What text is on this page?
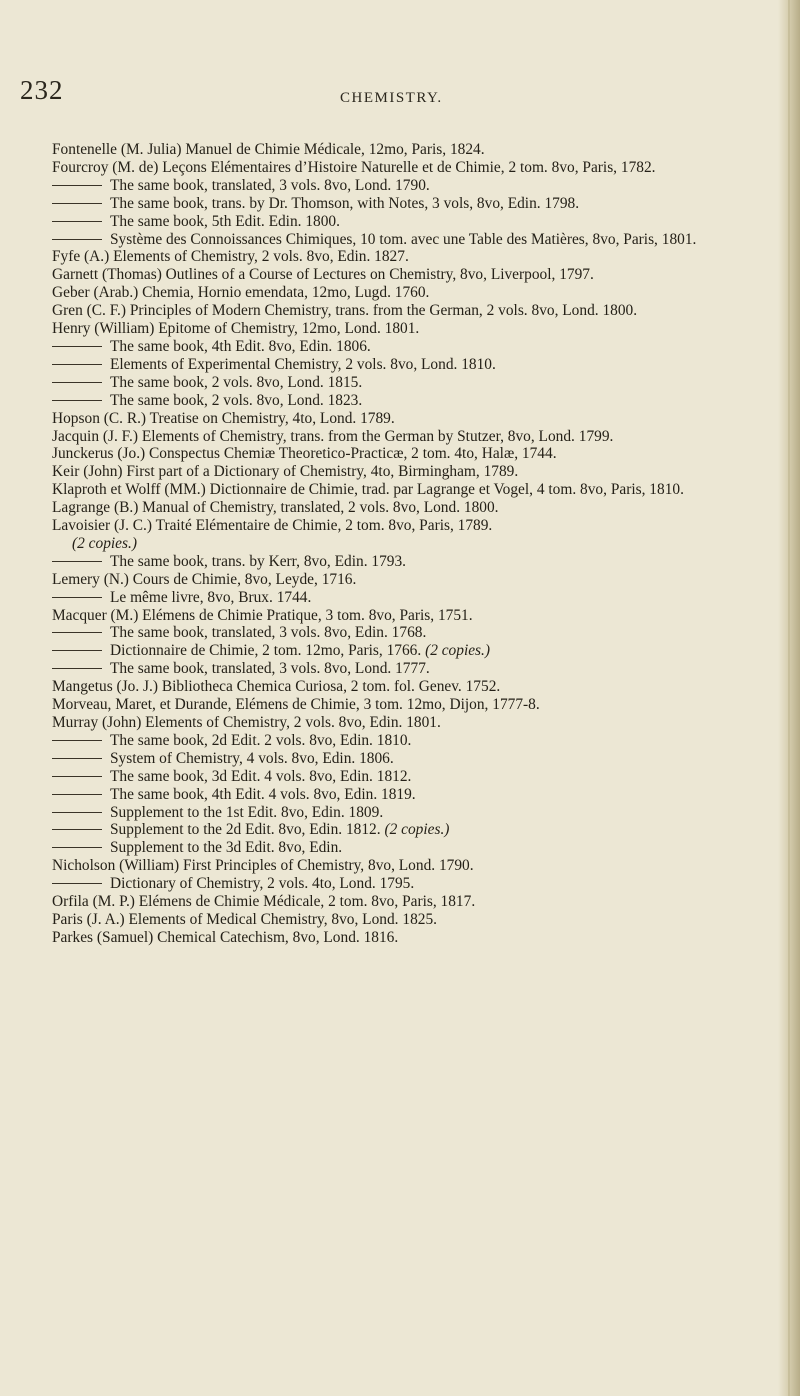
232	CHEMISTRY.

Fontenelle (M. Julia) Manuel de Chimie Médicale, 12mo, Paris, 1824.

Fourcroy (M. de) Leçons Elémentaires d’Histoire Naturelle et de Chimie, 2 tom. 8vo, Paris, 1782.

The same book, translated, 3 vols. 8vo, Lond. 1790.

The same book, trans. by Dr. Thomson, with Notes, 3 vols, 8vo, Edin. 1798.

The same book, 5th Edit. Edin. 1800.

Système des Connoissances Chimiques, 10 tom. avec une Table des Matières, 8vo, Paris, 1801.

Fyfe (A.) Elements of Chemistry, 2 vols. 8vo, Edin. 1827.

Garnett (Thomas) Outlines of a Course of Lectures on Chemistry, 8vo, Liverpool, 1797.

Geber (Arab.) Chemia, Hornio emendata, 12mo, Lugd. 1760.

Gren (C. F.) Principles of Modern Chemistry, trans. from the German, 2 vols. 8vo, Lond. 1800.

Henry (William) Epitome of Chemistry, 12mo, Lond. 1801.

The same book, 4th Edit. 8vo, Edin. 1806.

Elements of Experimental Chemistry, 2 vols. 8vo, Lond. 1810.

The same book, 2 vols. 8vo, Lond. 1815.

The same book, 2 vols. 8vo, Lond. 1823.

Hopson (C. R.) Treatise on Chemistry, 4to, Lond. 1789.

Jacquin (J. F.) Elements of Chemistry, trans. from the German by Stutzer, 8vo, Lond. 1799.

Junckerus (Jo.) Conspectus Chemiæ Theoretico-Practicæ, 2 tom. 4to, Halæ, 1744.

Keir (John) First part of a Dictionary of Chemistry, 4to, Birmingham, 1789.

Klaproth et Wolff (MM.) Dictionnaire de Chimie, trad. par Lagrange et Vogel, 4 tom. 8vo, Paris, 1810.

Lagrange (B.) Manual of Chemistry, translated, 2 vols. 8vo, Lond. 1800.

Lavoisier (J. C.) Traité Elémentaire de Chimie, 2 tom. 8vo, Paris, 1789.
(2 copies.)

The same book, trans. by Kerr, 8vo, Edin. 1793.

Lemery (N.) Cours de Chimie, 8vo, Leyde, 1716.

Le même livre, 8vo, Brux. 1744.

Macquer (M.) Elémens de Chimie Pratique, 3 tom. 8vo, Paris, 1751.

The same book, translated, 3 vols. 8vo, Edin. 1768.

Dictionnaire de Chimie, 2 tom. 12mo, Paris, 1766. (2 copies.)

The same book, translated, 3 vols. 8vo, Lond. 1777.

Mangetus (Jo. J.) Bibliotheca Chemica Curiosa, 2 tom. fol. Genev. 1752.

Morveau, Maret, et Durande, Elémens de Chimie, 3 tom. 12mo, Dijon, 1777-8.

Murray (John) Elements of Chemistry, 2 vols. 8vo, Edin. 1801.

The same book, 2d Edit. 2 vols. 8vo, Edin. 1810.

System of Chemistry, 4 vols. 8vo, Edin. 1806.

The same book, 3d Edit. 4 vols. 8vo, Edin. 1812.

The same book, 4th Edit. 4 vols. 8vo, Edin. 1819.

Supplement to the 1st Edit. 8vo, Edin. 1809.

Supplement to the 2d Edit. 8vo, Edin. 1812. (2 copies.)

Supplement to the 3d Edit. 8vo, Edin.

Nicholson (William) First Principles of Chemistry, 8vo, Lond. 1790.

Dictionary of Chemistry, 2 vols. 4to, Lond. 1795.

Orfila (M. P.) Elémens de Chimie Médicale, 2 tom. 8vo, Paris, 1817.

Paris (J. A.) Elements of Medical Chemistry, 8vo, Lond. 1825.

Parkes (Samuel) Chemical Catechism, 8vo, Lond. 1816.
